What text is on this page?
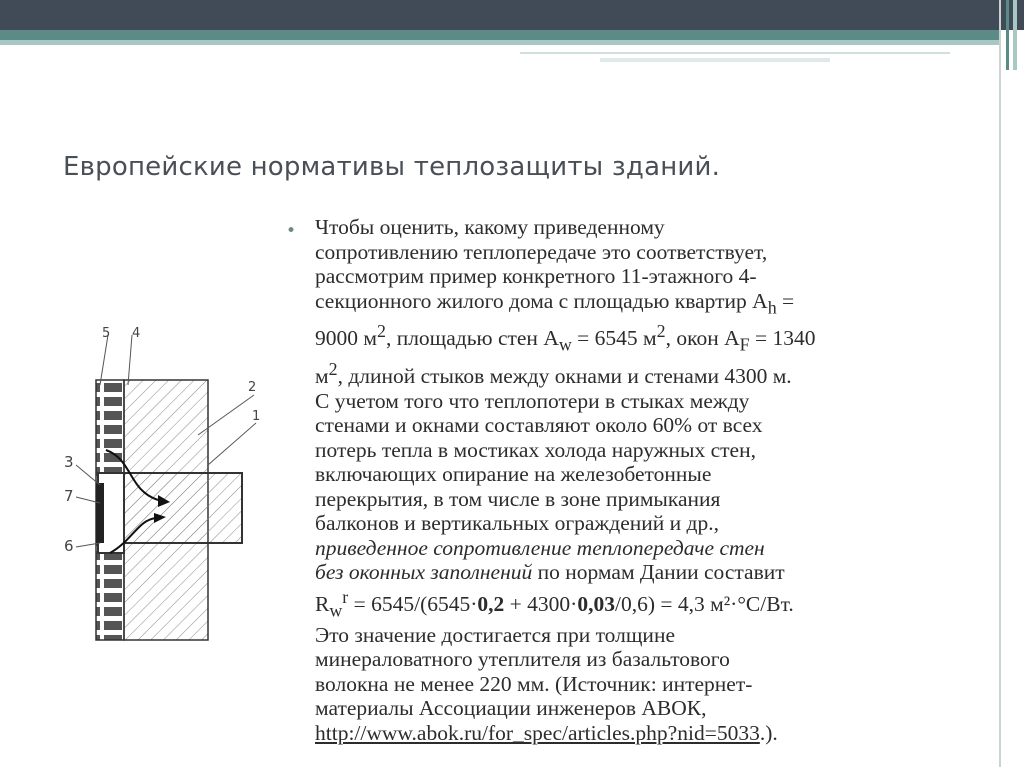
Европейские нормативы теплозащиты зданий.
5 4
2
1
3
7
6
• Чтобы оценить, какому приведенному
сопротивлению теплопередаче это соответствует,
рассмотрим пример конкретного 11-этажного 4-
секционного жилого дома с площадью квартир $A_h$ =
9000 $м^2$, площадью стен $A_w = 6545$ $м^2$, окон $A_F = 1340$
$м^2$, длиной стыков между окнами и стенами 4300 м.
С учетом того что теплопотери в стыках между
стенами и окнами составляют около 60% от всех
потерь тепла в мостиках холода наружных стен,
включающих опирание на железобетонные
перекрытия, в том числе в зоне примыкания
балконов и вертикальных ограждений и др.,
приведенное сопротивление теплопередаче стен
без оконных заполнений по нормам Дании составит
$R_w^r = 6545/(6545\cdot 0,2 + 4300\cdot 0,03/0,6) = 4,3$ м²·°С/Вт.
Это значение достигается при толщине
минераловатного утеплителя из базальтового
волокна не менее 220 мм. (Источник: интернет-
материалы Ассоциации инженеров АВОК,
http://www.abok.ru/for_spec/articles.php?nid=5033.).
